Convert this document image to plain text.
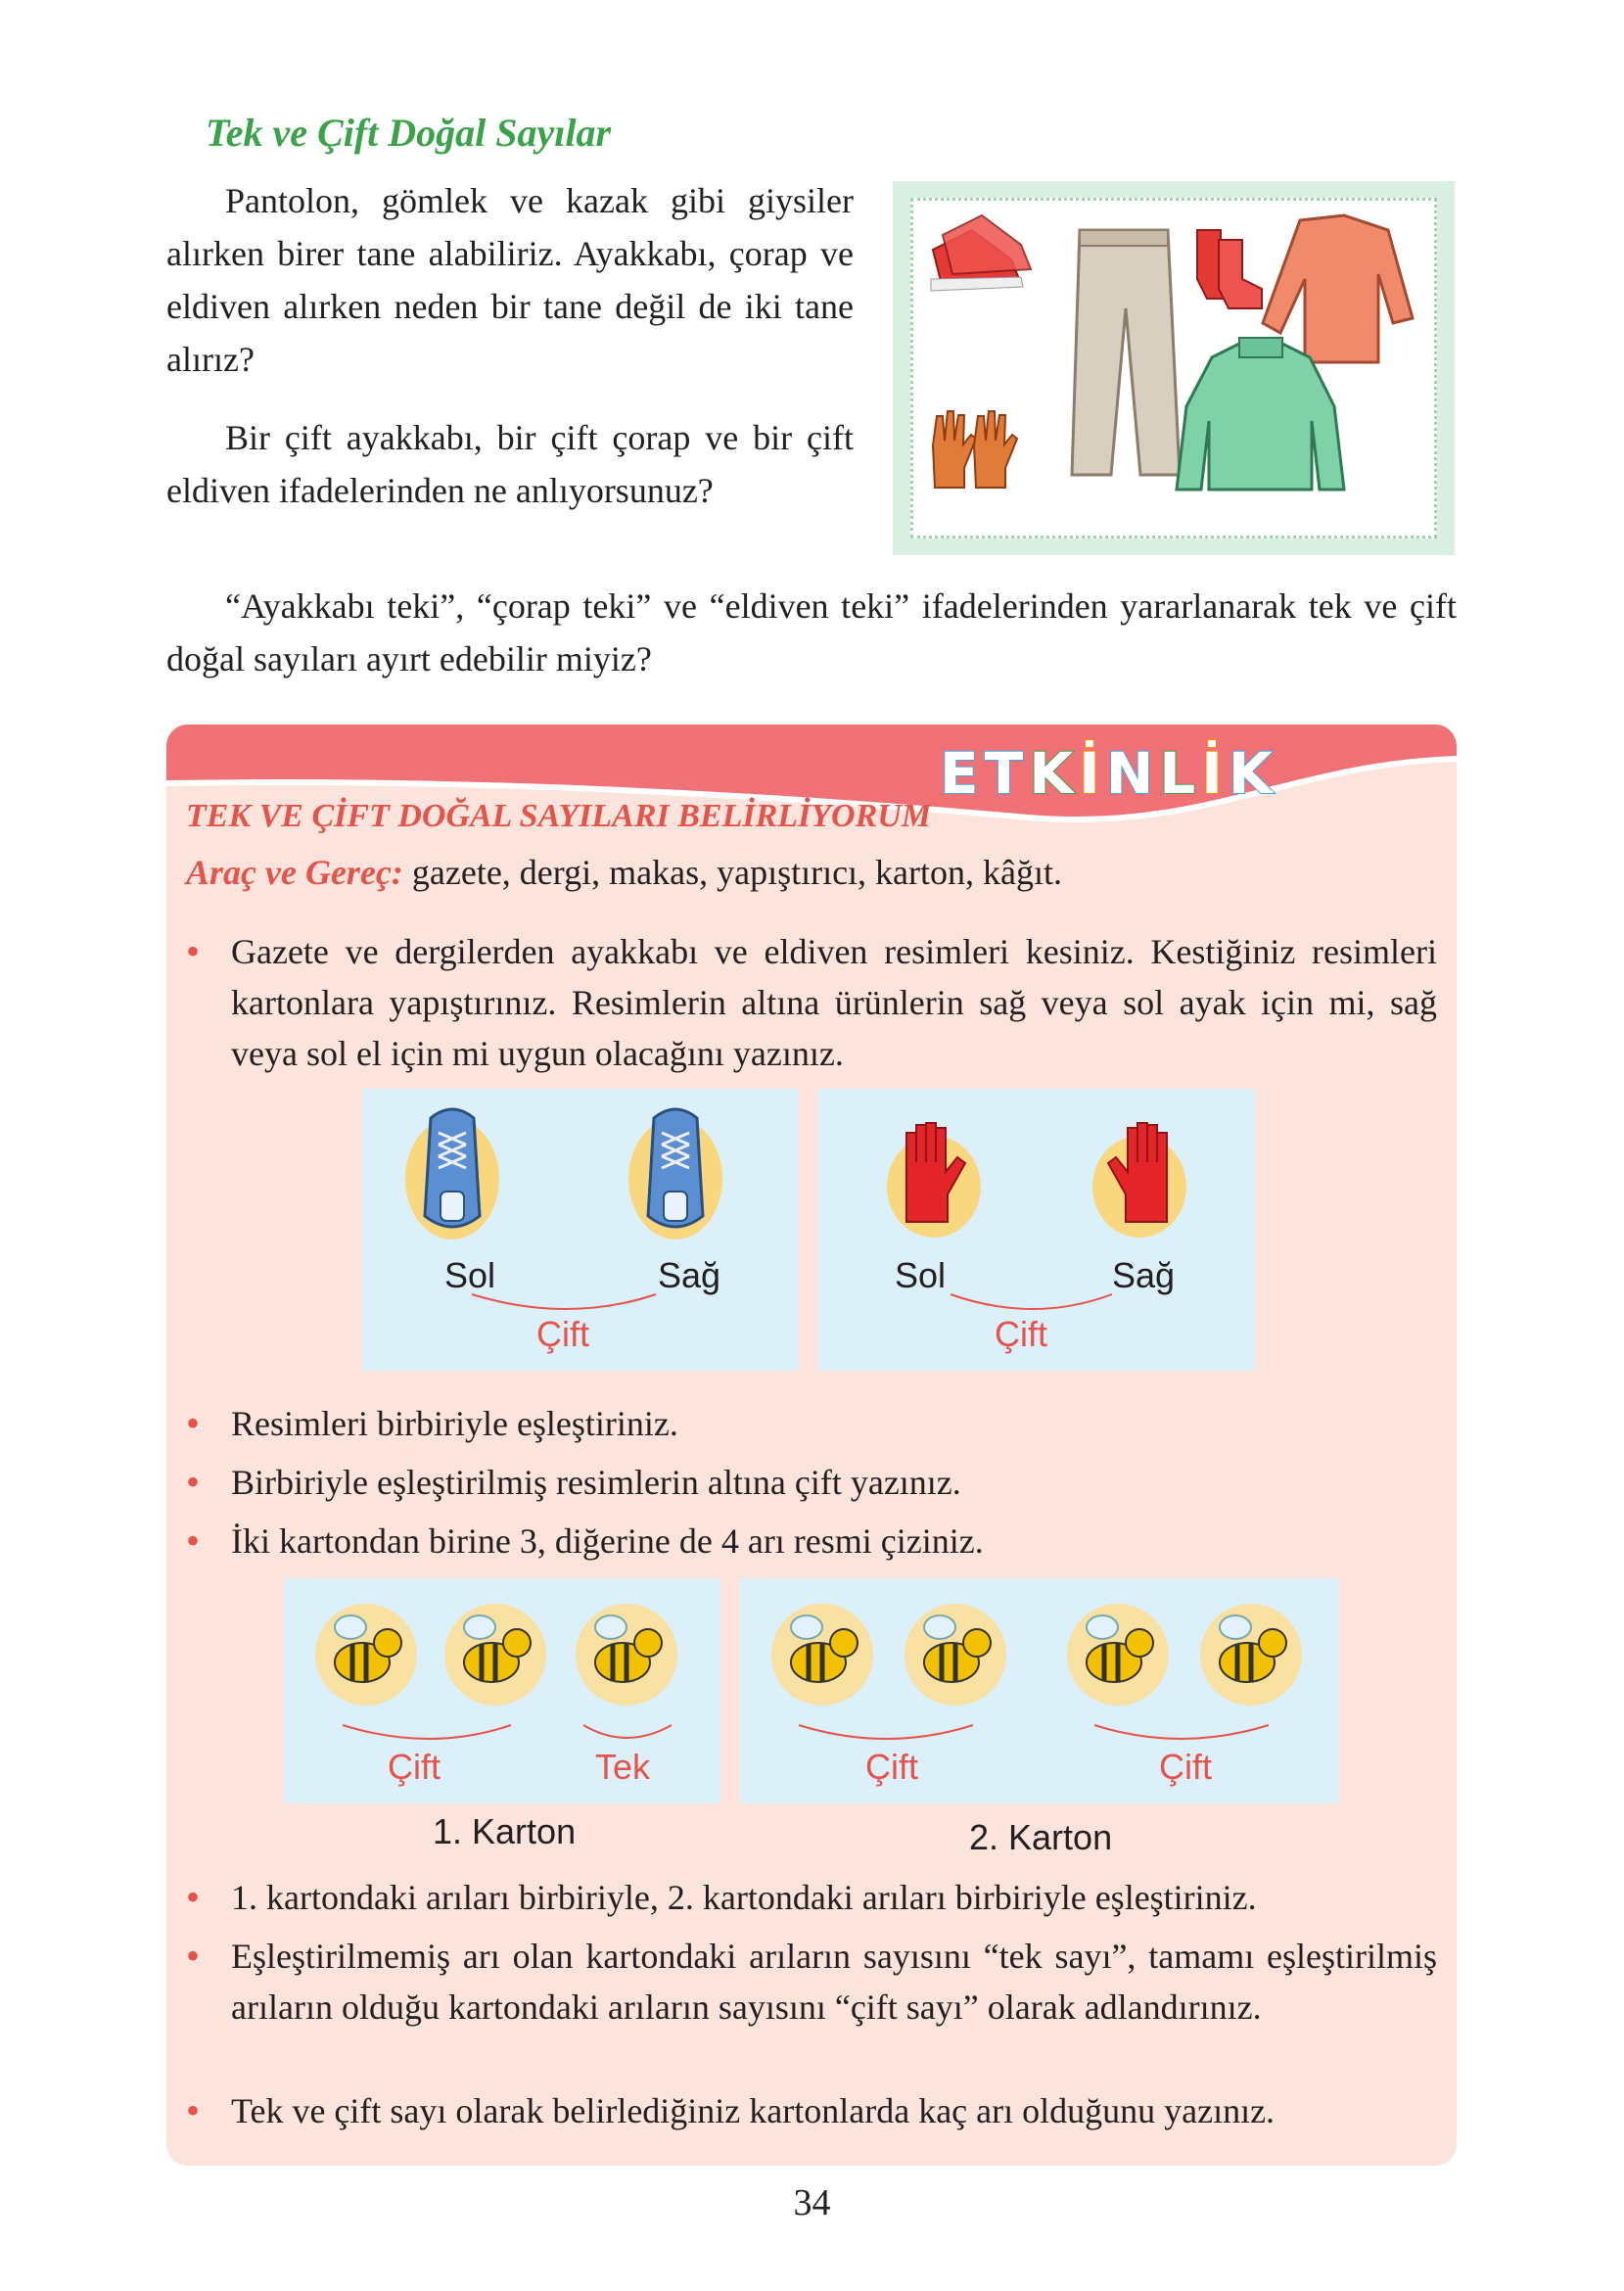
Tek ve Çift Doğal Sayılar
Pantolon, gömlek ve kazak gibi giysiler alırken birer tane alabiliriz. Ayakkabı, çorap ve eldiven alırken neden bir tane değil de iki tane alırız?
Bir çift ayakkabı, bir çift çorap ve bir çift eldiven ifadelerinden ne anlıyorsunuz?
“Ayakkabı teki”, “çorap teki” ve “eldiven teki” ifadelerinden yararlanarak tek ve çift doğal sayıları ayırt edebilir miyiz?
E T K İ N L İ K
TEK VE ÇİFT DOĞAL SAYILARI BELİRLİYORUM
Araç ve Gereç: gazete, dergi, makas, yapıştırıcı, karton, kâğıt.
• Gazete ve dergilerden ayakkabı ve eldiven resimleri kesiniz. Kestiğiniz resimleri kartonlara yapıştırınız. Resimlerin altına ürünlerin sağ veya sol ayak için mi, sağ veya sol el için mi uygun olacağını yazınız.
Sol	Sağ
Çift
Sol	Sağ
Çift
• Resimleri birbiriyle eşleştiriniz.
• Birbiriyle eşleştirilmiş resimlerin altına çift yazınız.
• İki kartondan birine 3, diğerine de 4 arı resmi çiziniz.
Çift	Tek
1. Karton
Çift	Çift
2. Karton
• 1. kartondaki arıları birbiriyle, 2. kartondaki arıları birbiriyle eşleştiriniz.
• Eşleştirilmemiş arı olan kartondaki arıların sayısını “tek sayı”, tamamı eşleştirilmiş arıların olduğu kartondaki arıların sayısını “çift sayı” olarak adlandırınız.
• Tek ve çift sayı olarak belirlediğiniz kartonlarda kaç arı olduğunu yazınız.
34
